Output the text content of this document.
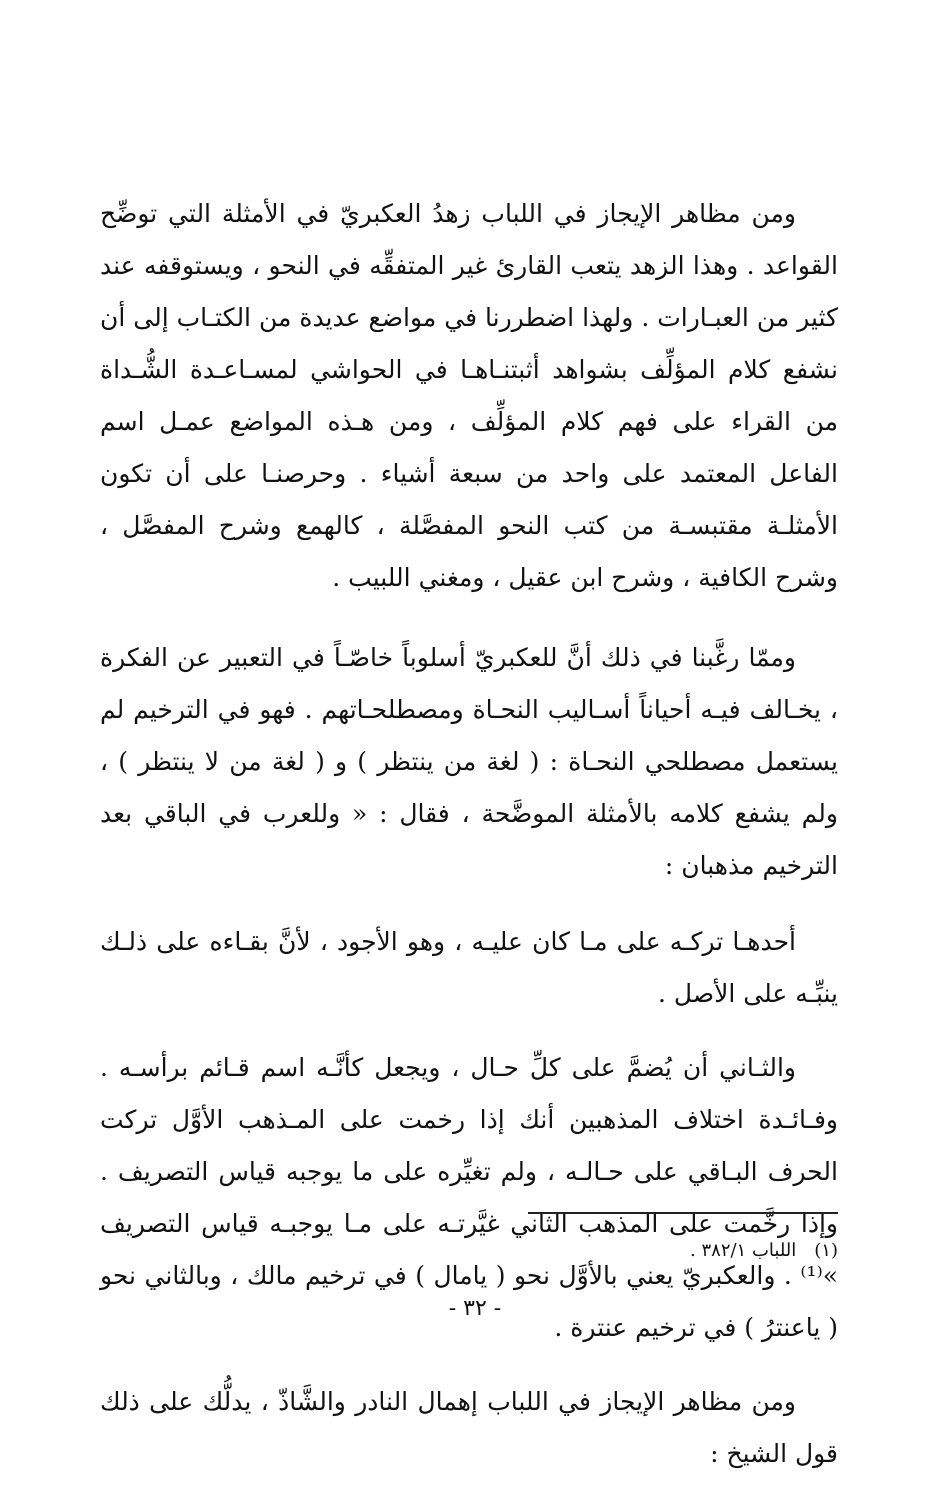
ومن مظاهر الإيجاز في اللباب زهدُ العكبريّ في الأمثلة التي توضِّح القواعد . وهذا الزهد يتعب القارئ غير المتفقِّه في النحو ، ويستوقفه عند كثير من العبـارات . ولهذا اضطررنا في مواضع عديدة من الكتـاب إلى أن نشفع كلام المؤلِّف بشواهد أثبتنـاهـا في الحواشي لمسـاعـدة الشُّـداة من القراء على فهم كلام المؤلِّف ، ومن هـذه المواضع عمـل اسم الفاعل المعتمد على واحد من سبعة أشياء . وحرصنـا على أن تكون الأمثلـة مقتبسـة من كتب النحو المفصَّلة ، كالهمع وشرح المفصَّل ، وشرح الكافية ، وشرح ابن عقيل ، ومغني اللبيب .

وممّا رغَّبنا في ذلك أنَّ للعكبريّ أسلوباً خاصّـاً في التعبير عن الفكرة ، يخـالف فيـه أحياناً أسـاليب النحـاة ومصطلحـاتهم . فهو في الترخيم لم يستعمل مصطلحي النحـاة : ( لغة من ينتظر ) و ( لغة من لا ينتظر ) ، ولم يشفع كلامه بالأمثلة الموضَّحة ، فقال : « وللعرب في الباقي بعد الترخيم مذهبان :

أحدهـا تركـه على مـا كان عليـه ، وهو الأجود ، لأنَّ بقـاءه على ذلـك ينبِّـه على الأصل .

والثـاني أن يُضمَّ على كلِّ حـال ، ويجعل كأنَّـه اسم قـائم برأسـه . وفـائـدة اختلاف المذهبين أنك إذا رخمت على المـذهب الأوَّل تركت الحرف البـاقي على حـالـه ، ولم تغيِّره على ما يوجبه قياس التصريف . وإذا رخَّمت على المذهب الثاني غيَّرتـه على مـا يوجبـه قياس التصريف »⁽¹⁾ . والعكبريّ يعني بالأوَّل نحو ( يامال ) في ترخيم مالك ، وبالثاني نحو ( ياعنترُ ) في ترخيم عنترة .

ومن مظاهر الإيجاز في اللباب إهمال النادر والشَّاذّ ، يدلُّك على ذلك قول الشيخ :

(١)
اللباب ٣٨٢/١ .
- ٣٢ -
